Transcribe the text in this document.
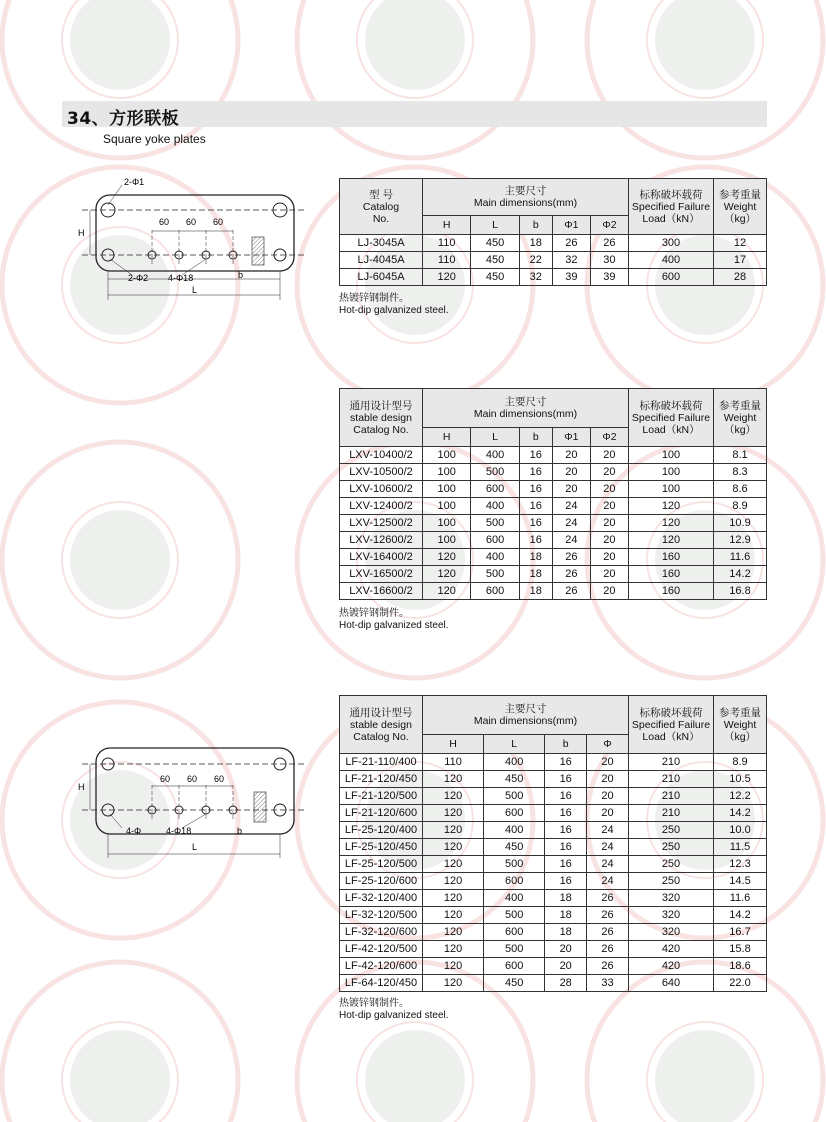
34、方形联板
Square yoke plates
2-Φ1
2-Φ2 4-Φ18
60 60 60
H
b
L
型 号
Catalog
No.	主要尺寸
Main dimensions(mm)					标称破坏载荷
Specified Failure
Load（kN）	参考重量
Weight
（kg）
	H	L	b	Φ1	Φ2		
LJ-3045A	110	450	18	26	26	300	12
LJ-4045A	110	450	22	32	30	400	17
LJ-6045A	120	450	32	39	39	600	28
热镀锌钢制件。
Hot-dip galvanized steel.
通用设计型号
stable design
Catalog No.	主要尺寸
Main dimensions(mm)					标称破坏载荷
Specified Failure
Load（kN）	参考重量
Weight
（kg）
	H	L	b	Φ1	Φ2		
LXV-10400/2	100	400	16	20	20	100	8.1
LXV-10500/2	100	500	16	20	20	100	8.3
LXV-10600/2	100	600	16	20	20	100	8.6
LXV-12400/2	100	400	16	24	20	120	8.9
LXV-12500/2	100	500	16	24	20	120	10.9
LXV-12600/2	100	600	16	24	20	120	12.9
LXV-16400/2	120	400	18	26	20	160	11.6
LXV-16500/2	120	500	18	26	20	160	14.2
LXV-16600/2	120	600	18	26	20	160	16.8
热镀锌钢制件。
Hot-dip galvanized steel.
4-Φ	4-Φ18
60 60 60
H
b
L
通用设计型号
stable design
Catalog No.	主要尺寸
Main dimensions(mm)				标称破坏载荷
Specified Failure
Load（kN）	参考重量
Weight
（kg）
	H	L	b	Φ		
LF-21-110/400	110	400	16	20	210	8.9
LF-21-120/450	120	450	16	20	210	10.5
LF-21-120/500	120	500	16	20	210	12.2
LF-21-120/600	120	600	16	20	210	14.2
LF-25-120/400	120	400	16	24	250	10.0
LF-25-120/450	120	450	16	24	250	11.5
LF-25-120/500	120	500	16	24	250	12.3
LF-25-120/600	120	600	16	24	250	14.5
LF-32-120/400	120	400	18	26	320	11.6
LF-32-120/500	120	500	18	26	320	14.2
LF-32-120/600	120	600	18	26	320	16.7
LF-42-120/500	120	500	20	26	420	15.8
LF-42-120/600	120	600	20	26	420	18.6
LF-64-120/450	120	450	28	33	640	22.0
热镀锌钢制件。
Hot-dip galvanized steel.
